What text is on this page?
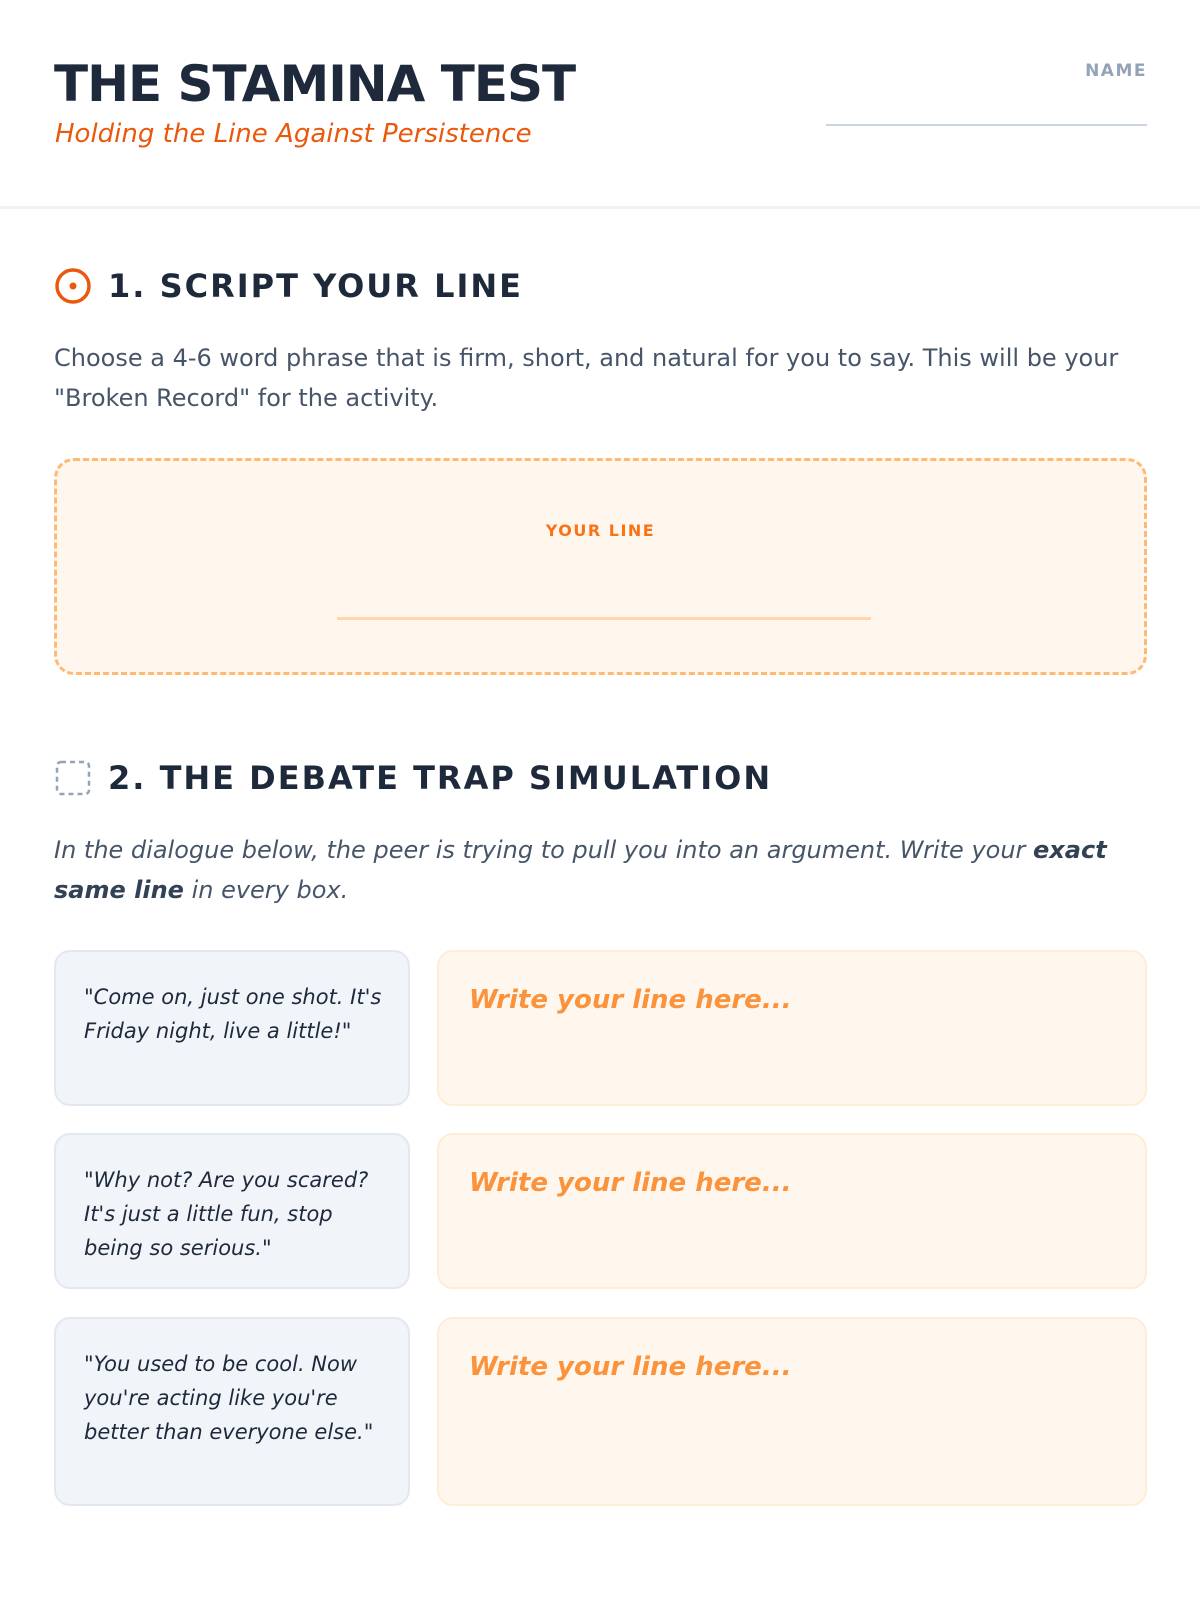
THE STAMINA TEST
Holding the Line Against Persistence
NAME
1. SCRIPT YOUR LINE

Choose a 4-6 word phrase that is firm, short, and natural for you to say. This will be your "Broken Record" for the activity.

YOUR LINE
2. THE DEBATE TRAP SIMULATION

In the dialogue below, the peer is trying to pull you into an argument. Write your exact same line in every box.

"Come on, just one shot. It's Friday night, live a little!"
Write your line here...
"Why not? Are you scared? It's just a little fun, stop being so serious."
Write your line here...
"You used to be cool. Now you're acting like you're better than everyone else."
Write your line here...
